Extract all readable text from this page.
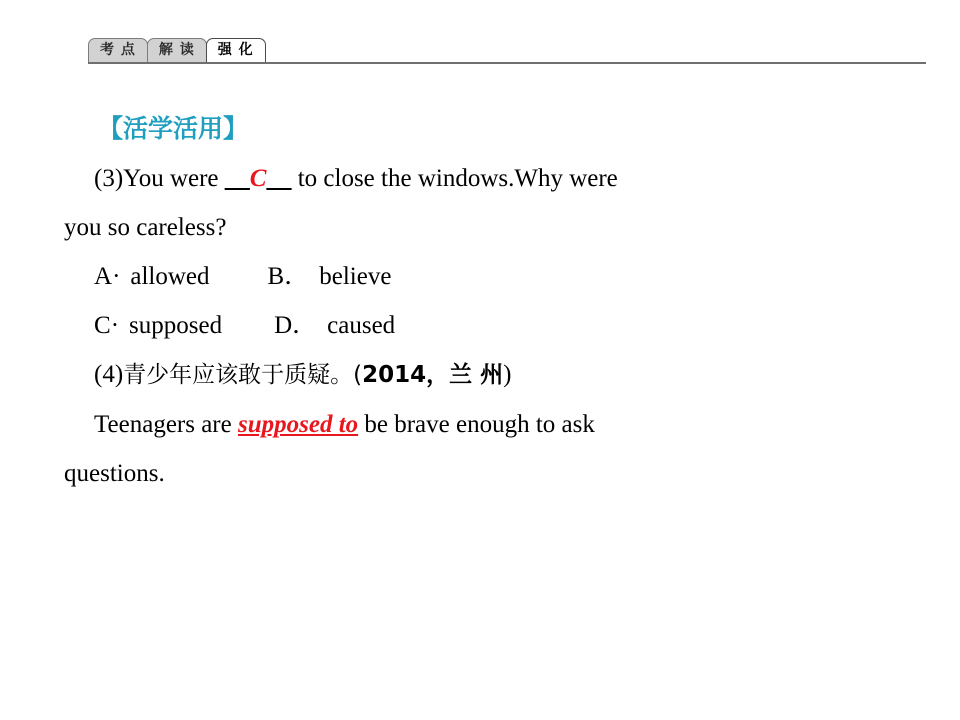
考 点	解 读	强 化
【活学活用】
(3)You were __C__ to close the windows.Why were
you so careless?
A· allowed B． believe
C· supposed D． caused
(4)青少年应该敢于质疑。(2014，兰 州)
Teenagers are supposed to be brave enough to ask
questions.
